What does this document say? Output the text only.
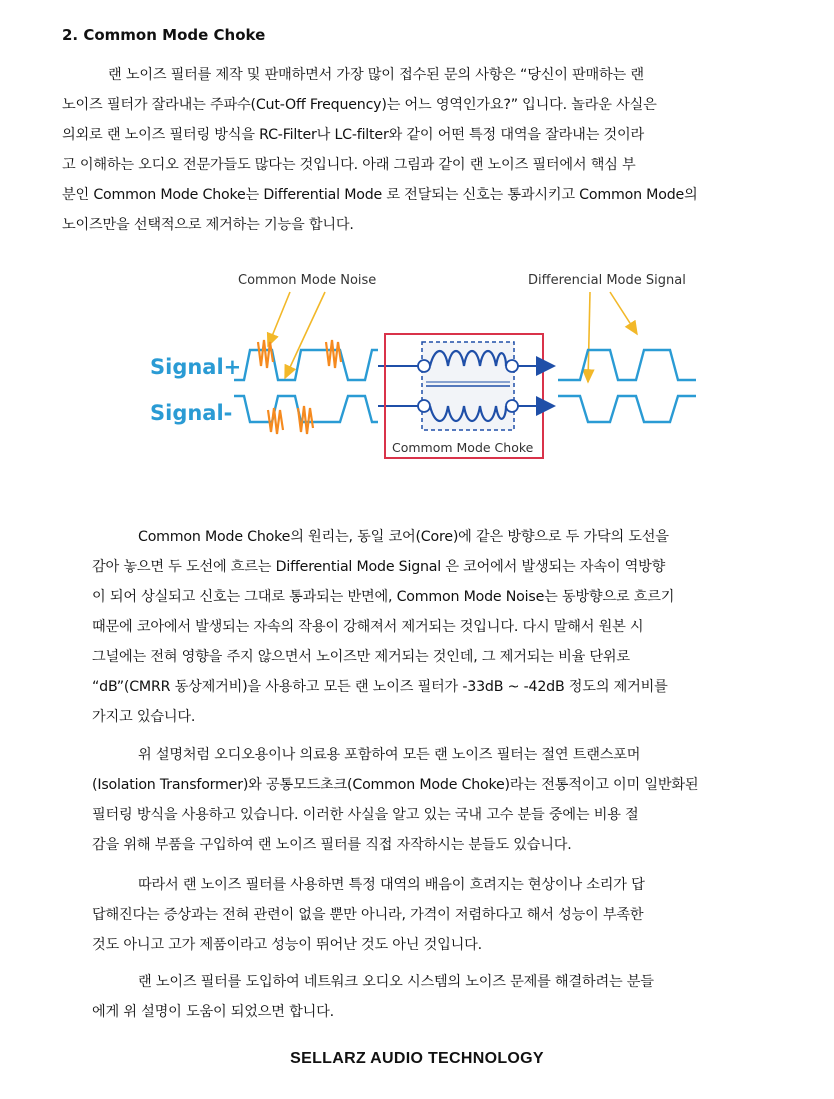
2. Common Mode Choke
랜 노이즈 필터를 제작 및 판매하면서 가장 많이 접수된 문의 사항은 “당신이 판매하는 랜
노이즈 필터가 잘라내는 주파수(Cut-Off Frequency)는 어느 영역인가요?” 입니다. 놀라운 사실은
의외로 랜 노이즈 필터링 방식을 RC-Filter나 LC-filter와 같이 어떤 특정 대역을 잘라내는 것이라
고 이해하는 오디오 전문가들도 많다는 것입니다. 아래 그림과 같이 랜 노이즈 필터에서 핵심 부
분인 Common Mode Choke는 Differential Mode 로 전달되는 신호는 통과시키고 Common Mode의
노이즈만을 선택적으로 제거하는 기능을 합니다.
Common Mode Noise	Differencial Mode Signal
Signal+
Signal-
Commom Mode Choke
Common Mode Choke의 원리는, 동일 코어(Core)에 같은 방향으로 두 가닥의 도선을
감아 놓으면 두 도선에 흐르는 Differential Mode Signal 은 코어에서 발생되는 자속이 역방향
이 되어 상실되고 신호는 그대로 통과되는 반면에, Common Mode Noise는 동방향으로 흐르기
때문에 코아에서 발생되는 자속의 작용이 강해져서 제거되는 것입니다. 다시 말해서 원본 시
그널에는 전혀 영향을 주지 않으면서 노이즈만 제거되는 것인데, 그 제거되는 비율 단위로
“dB”(CMRR 동상제거비)을 사용하고 모든 랜 노이즈 필터가 -33dB ~ -42dB 정도의 제거비를
가지고 있습니다.
위 설명처럼 오디오용이나 의료용 포함하여 모든 랜 노이즈 필터는 절연 트랜스포머
(Isolation Transformer)와 공통모드초크(Common Mode Choke)라는 전통적이고 이미 일반화된
필터링 방식을 사용하고 있습니다. 이러한 사실을 알고 있는 국내 고수 분들 중에는 비용 절
감을 위해 부품을 구입하여 랜 노이즈 필터를 직접 자작하시는 분들도 있습니다.
따라서 랜 노이즈 필터를 사용하면 특정 대역의 배음이 흐려지는 현상이나 소리가 답
답해진다는 증상과는 전혀 관련이 없을 뿐만 아니라, 가격이 저렴하다고 해서 성능이 부족한
것도 아니고 고가 제품이라고 성능이 뛰어난 것도 아닌 것입니다.
랜 노이즈 필터를 도입하여 네트워크 오디오 시스템의 노이즈 문제를 해결하려는 분들
에게 위 설명이 도움이 되었으면 합니다.
SELLARZ AUDIO TECHNOLOGY
